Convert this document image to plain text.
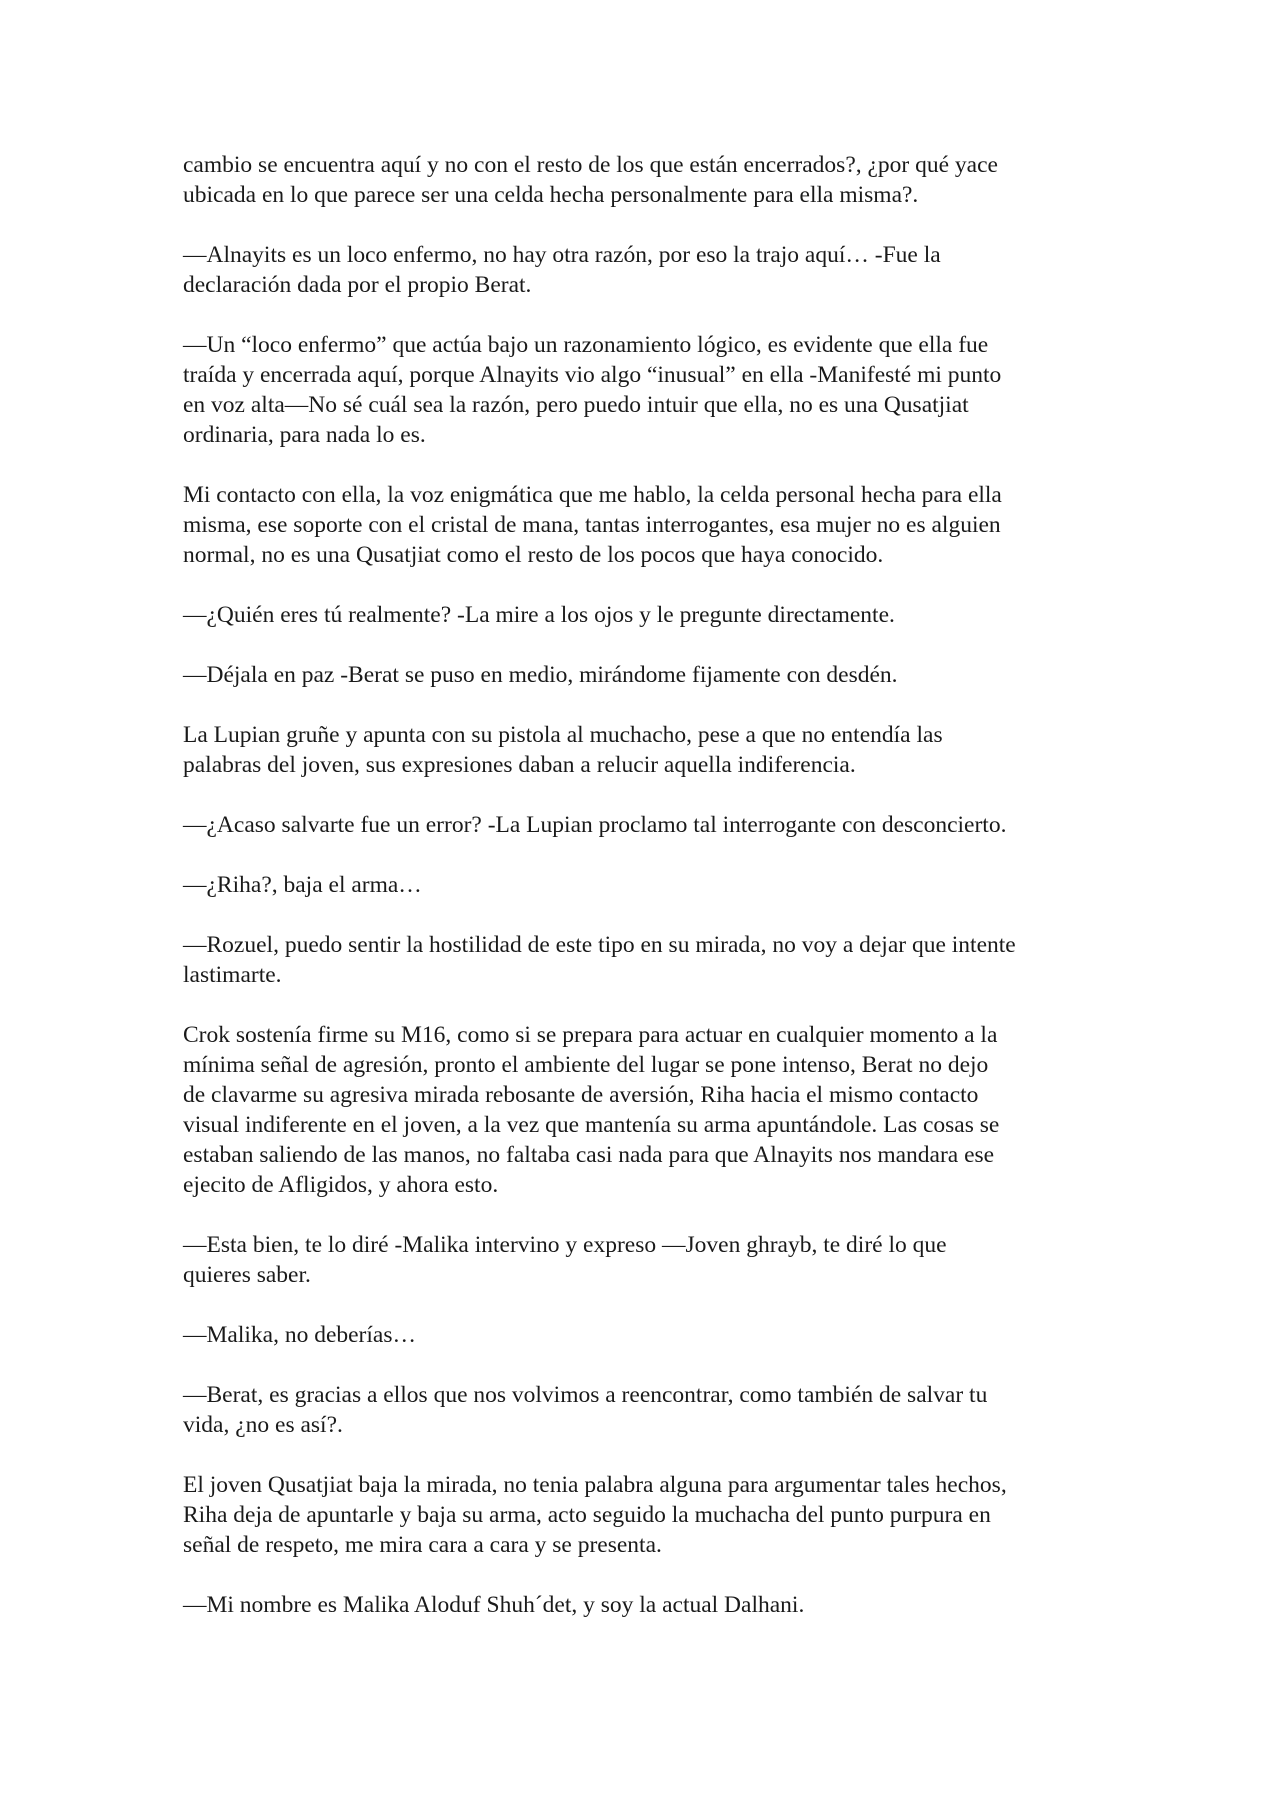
cambio se encuentra aquí y no con el resto de los que están encerrados?, ¿por qué yace
ubicada en lo que parece ser una celda hecha personalmente para ella misma?.

—Alnayits es un loco enfermo, no hay otra razón, por eso la trajo aquí… -Fue la
declaración dada por el propio Berat.

—Un “loco enfermo” que actúa bajo un razonamiento lógico, es evidente que ella fue
traída y encerrada aquí, porque Alnayits vio algo “inusual” en ella -Manifesté mi punto
en voz alta—No sé cuál sea la razón, pero puedo intuir que ella, no es una Qusatjiat
ordinaria, para nada lo es.

Mi contacto con ella, la voz enigmática que me hablo, la celda personal hecha para ella
misma, ese soporte con el cristal de mana, tantas interrogantes, esa mujer no es alguien
normal, no es una Qusatjiat como el resto de los pocos que haya conocido.

—¿Quién eres tú realmente? -La mire a los ojos y le pregunte directamente.

—Déjala en paz -Berat se puso en medio, mirándome fijamente con desdén.

La Lupian gruñe y apunta con su pistola al muchacho, pese a que no entendía las
palabras del joven, sus expresiones daban a relucir aquella indiferencia.

—¿Acaso salvarte fue un error? -La Lupian proclamo tal interrogante con desconcierto.

—¿Riha?, baja el arma…

—Rozuel, puedo sentir la hostilidad de este tipo en su mirada, no voy a dejar que intente
lastimarte.

Crok sostenía firme su M16, como si se prepara para actuar en cualquier momento a la
mínima señal de agresión, pronto el ambiente del lugar se pone intenso, Berat no dejo
de clavarme su agresiva mirada rebosante de aversión, Riha hacia el mismo contacto
visual indiferente en el joven, a la vez que mantenía su arma apuntándole. Las cosas se
estaban saliendo de las manos, no faltaba casi nada para que Alnayits nos mandara ese
ejecito de Afligidos, y ahora esto.

—Esta bien, te lo diré -Malika intervino y expreso —Joven ghrayb, te diré lo que
quieres saber.

—Malika, no deberías…

—Berat, es gracias a ellos que nos volvimos a reencontrar, como también de salvar tu
vida, ¿no es así?.

El joven Qusatjiat baja la mirada, no tenia palabra alguna para argumentar tales hechos,
Riha deja de apuntarle y baja su arma, acto seguido la muchacha del punto purpura en
señal de respeto, me mira cara a cara y se presenta.

—Mi nombre es Malika Aloduf Shuh´det, y soy la actual Dalhani.
